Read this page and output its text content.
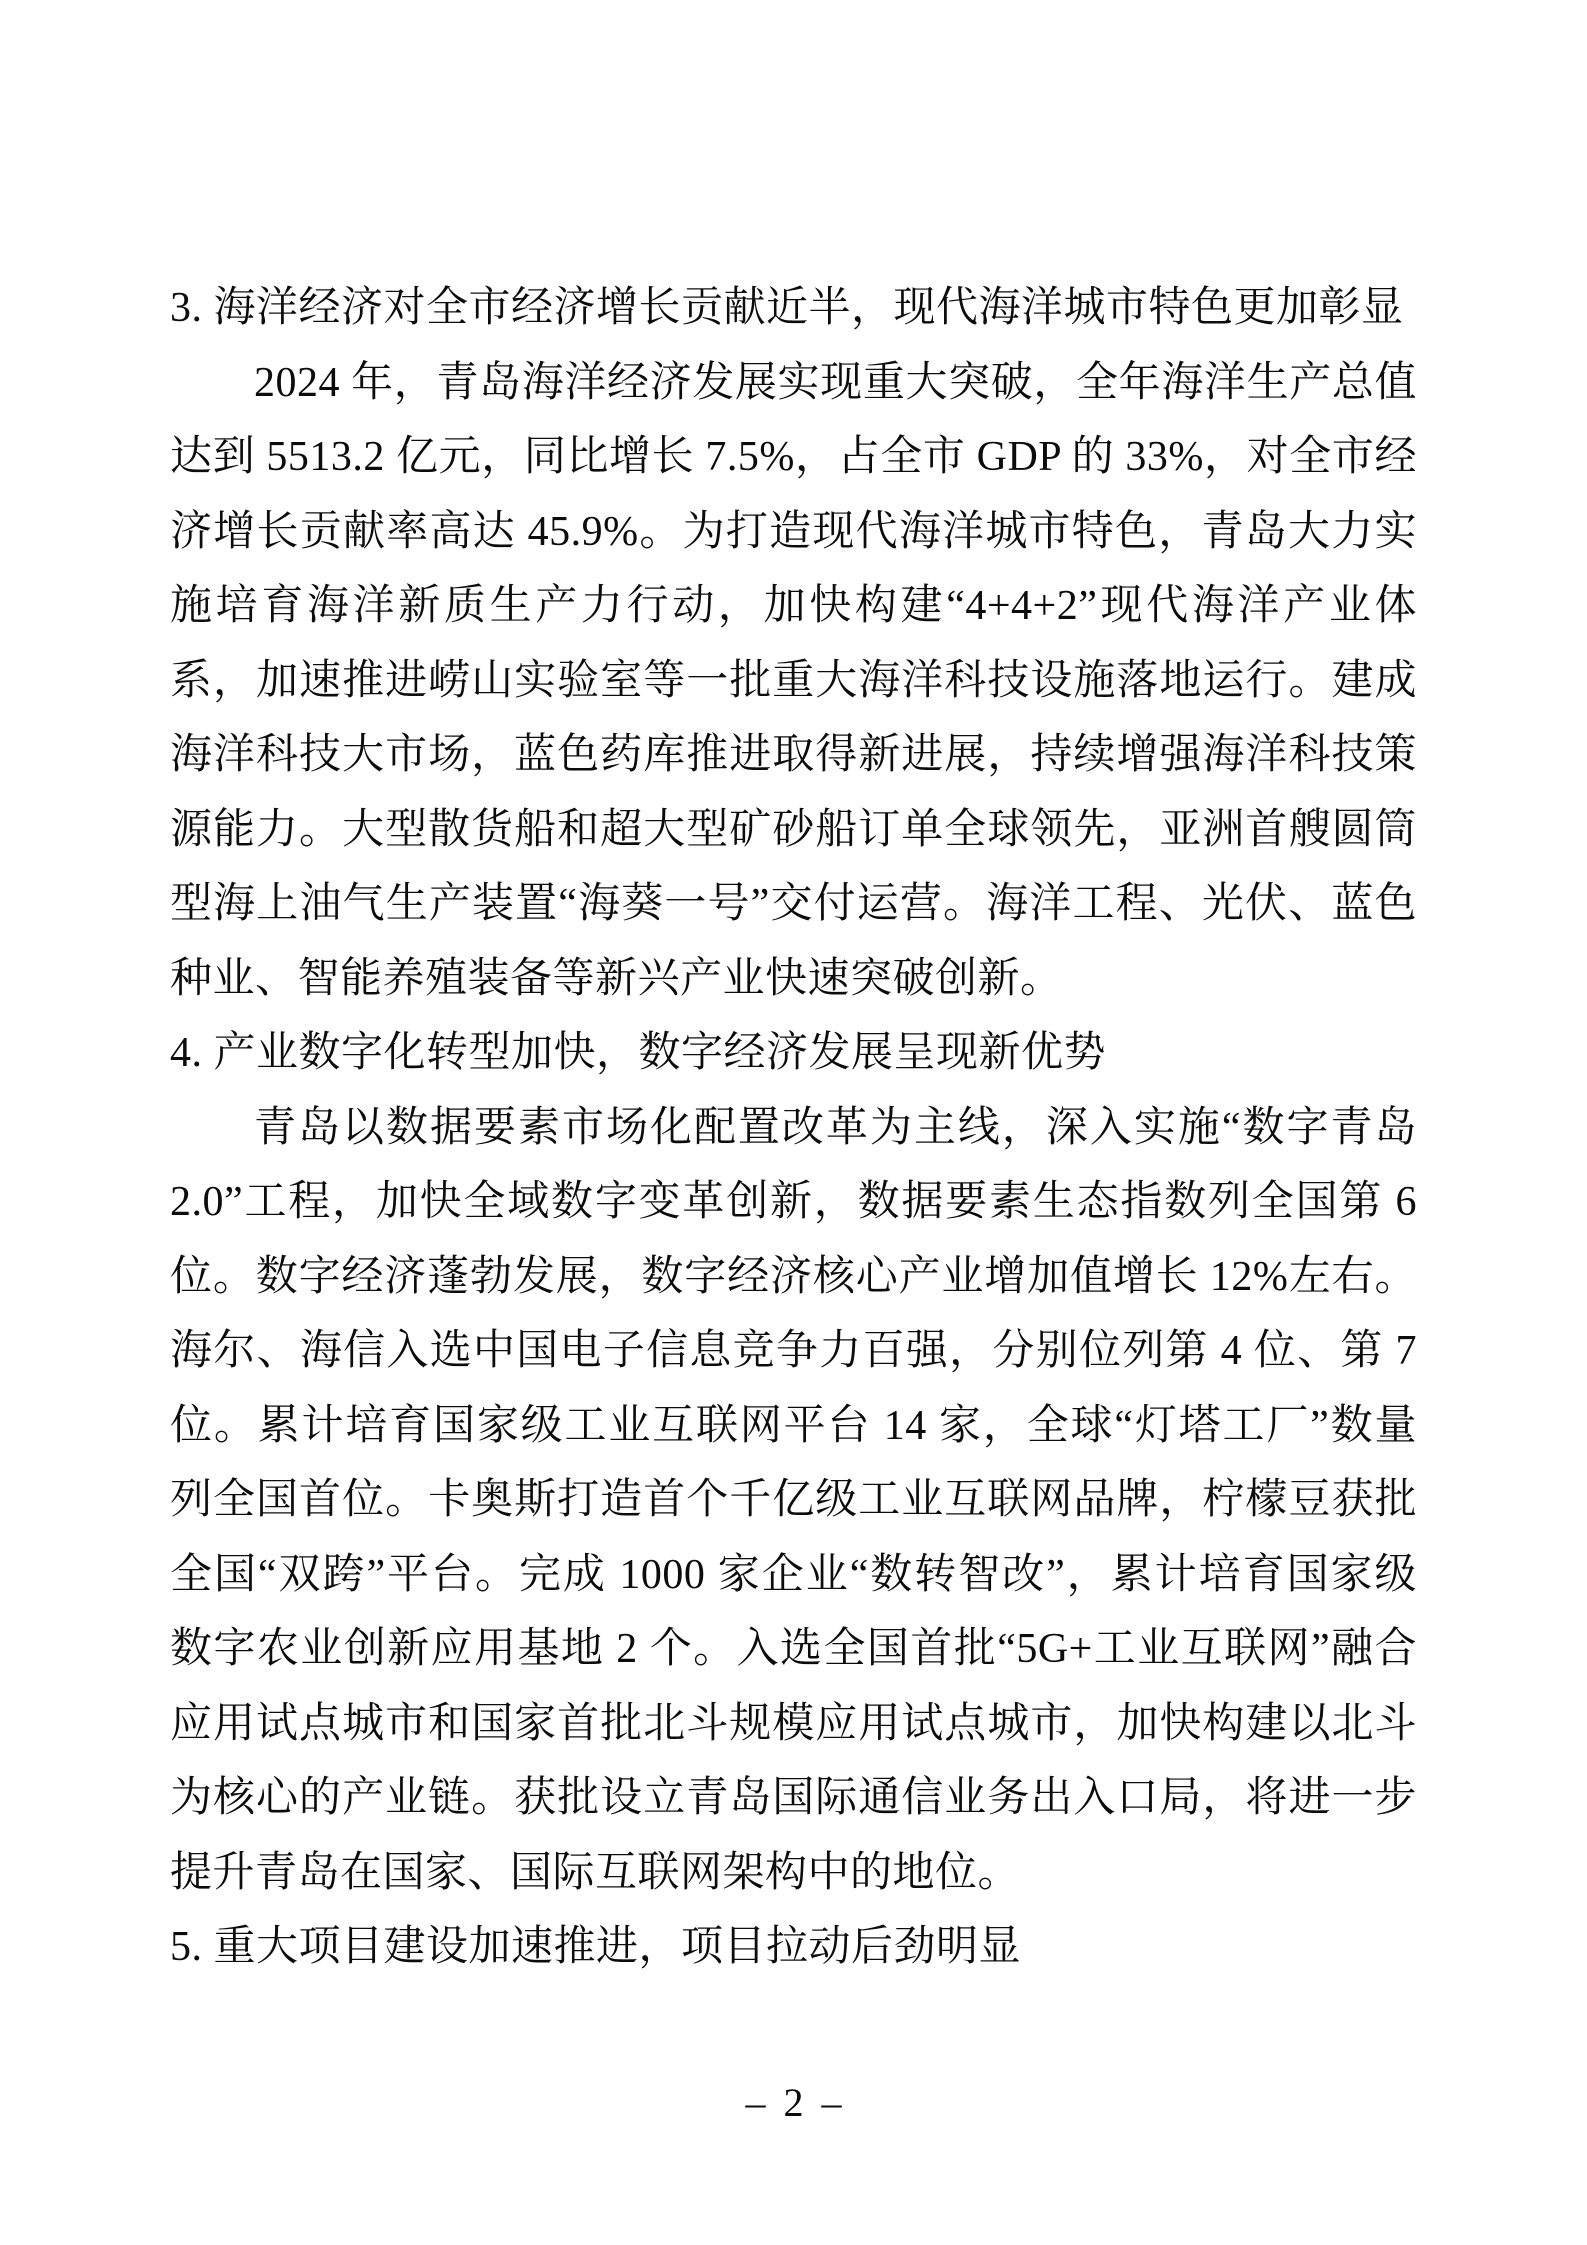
3. 海洋经济对全市经济增长贡献近半，现代海洋城市特色更加彰显

2024 年，青岛海洋经济发展实现重大突破，全年海洋生产总值达到 5513.2 亿元，同比增长 7.5%，占全市 GDP 的 33%，对全市经济增长贡献率高达 45.9%。为打造现代海洋城市特色，青岛大力实施培育海洋新质生产力行动，加快构建“4+4+2”现代海洋产业体系，加速推进崂山实验室等一批重大海洋科技设施落地运行。建成海洋科技大市场，蓝色药库推进取得新进展，持续增强海洋科技策源能力。大型散货船和超大型矿砂船订单全球领先，亚洲首艘圆筒型海上油气生产装置“海葵一号”交付运营。海洋工程、光伏、蓝色种业、智能养殖装备等新兴产业快速突破创新。

4. 产业数字化转型加快，数字经济发展呈现新优势

青岛以数据要素市场化配置改革为主线，深入实施“数字青岛 2.0”工程，加快全域数字变革创新，数据要素生态指数列全国第 6 位。数字经济蓬勃发展，数字经济核心产业增加值增长 12%左右。海尔、海信入选中国电子信息竞争力百强，分别位列第 4 位、第 7 位。累计培育国家级工业互联网平台 14 家，全球“灯塔工厂”数量列全国首位。卡奥斯打造首个千亿级工业互联网品牌，柠檬豆获批全国“双跨”平台。完成 1000 家企业“数转智改”，累计培育国家级数字农业创新应用基地 2 个。入选全国首批“5G+工业互联网”融合应用试点城市和国家首批北斗规模应用试点城市，加快构建以北斗为核心的产业链。获批设立青岛国际通信业务出入口局，将进一步提升青岛在国家、国际互联网架构中的地位。

5. 重大项目建设加速推进，项目拉动后劲明显
– 2 –
